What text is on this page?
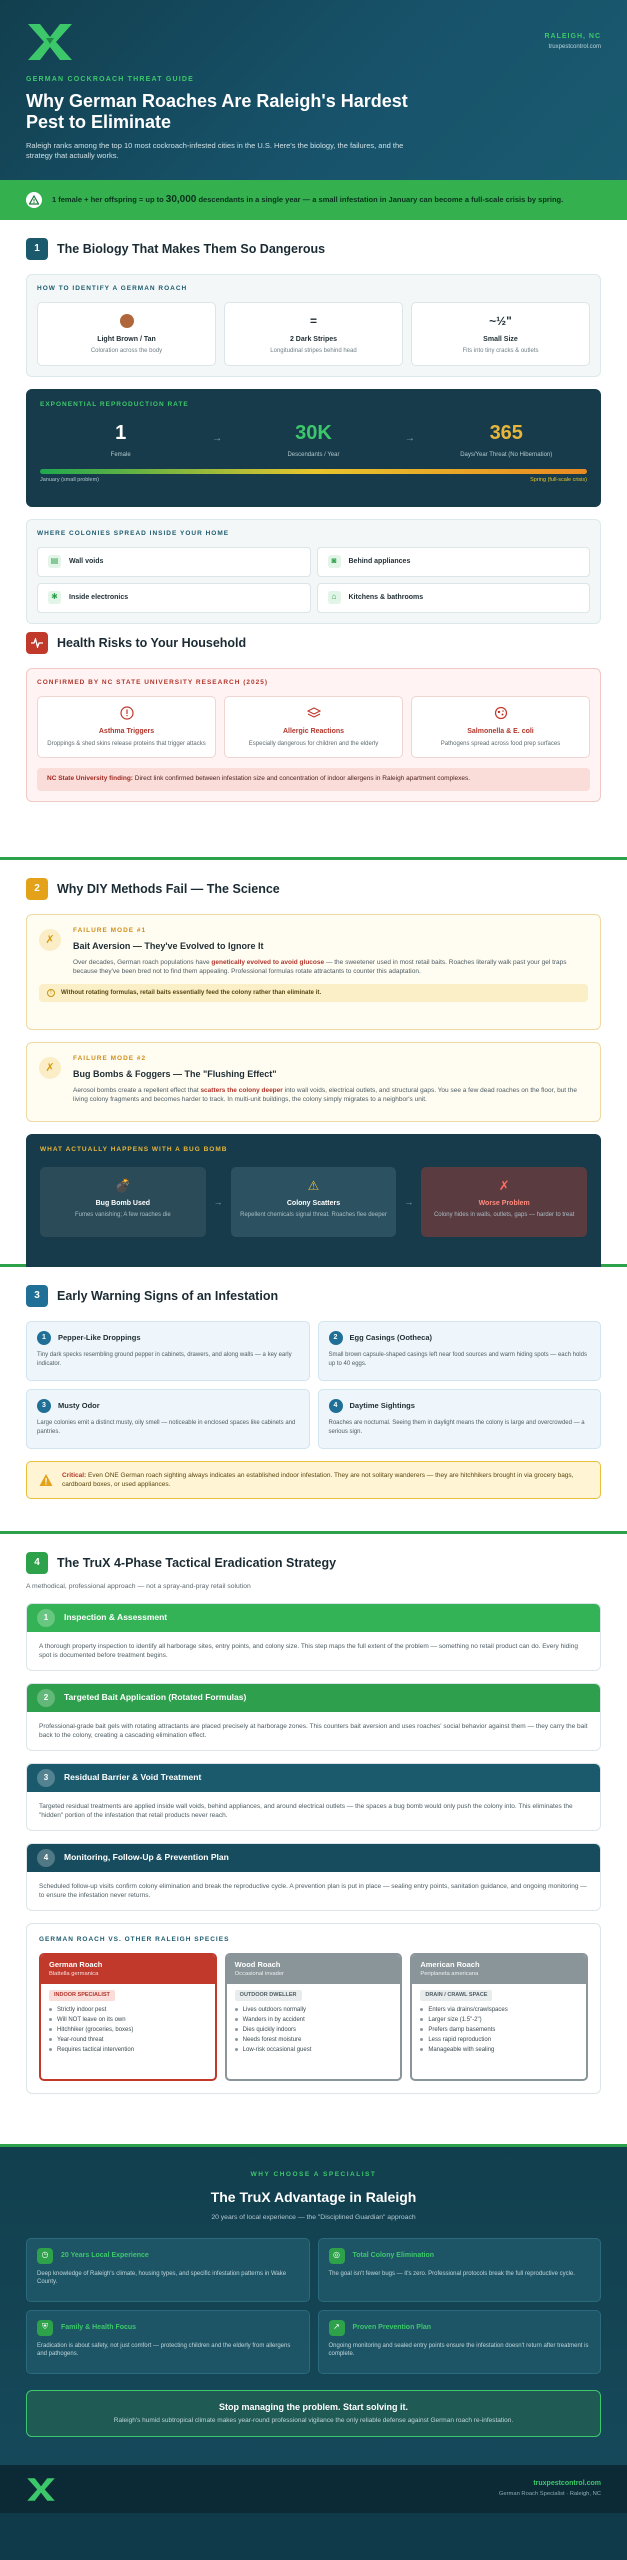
RALEIGH, NC
truxpestcontrol.com
GERMAN COCKROACH THREAT GUIDE
Why German Roaches Are Raleigh's Hardest Pest to Eliminate

Raleigh ranks among the top 10 most cockroach-infested cities in the U.S. Here's the biology, the failures, and the strategy that actually works.

1 female + her offspring = up to 30,000 descendants in a single year — a small infestation in January can become a full-scale crisis by spring.
1	The Biology That Makes Them So Dangerous
HOW TO IDENTIFY A GERMAN ROACH
Light Brown / Tan
Coloration across the body
=
2 Dark Stripes
Longitudinal stripes behind head
~½"
Small Size
Fits into tiny cracks & outlets
EXPONENTIAL REPRODUCTION RATE
1
Female
→	30K
Descendants / Year
→	365
Days/Year Threat (No Hibernation)
January (small problem)	Spring (full-scale crisis)
WHERE COLONIES SPREAD INSIDE YOUR HOME
▤	Wall voids	◙	Behind appliances
✱	Inside electronics	⌂	Kitchens & bathrooms
Health Risks to Your Household
CONFIRMED BY NC STATE UNIVERSITY RESEARCH (2025)
Asthma Triggers
Droppings & shed skins release proteins that trigger attacks
Allergic Reactions
Especially dangerous for children and the elderly
Salmonella & E. coli
Pathogens spread across food prep surfaces
NC State University finding: Direct link confirmed between infestation size and concentration of indoor allergens in Raleigh apartment complexes.
2	Why DIY Methods Fail — The Science
✗
FAILURE MODE #1
Bait Aversion — They've Evolved to Ignore It
Over decades, German roach populations have genetically evolved to avoid glucose — the sweetener used in most retail baits. Roaches literally walk past your gel traps because they've been bred not to find them appealing. Professional formulas rotate attractants to counter this adaptation.
!	Without rotating formulas, retail baits essentially feed the colony rather than eliminate it.
✗
FAILURE MODE #2
Bug Bombs & Foggers — The "Flushing Effect"
Aerosol bombs create a repellent effect that scatters the colony deeper into wall voids, electrical outlets, and structural gaps. You see a few dead roaches on the floor, but the living colony fragments and becomes harder to track. In multi-unit buildings, the colony simply migrates to a neighbor's unit.
WHAT ACTUALLY HAPPENS WITH A BUG BOMB
💣
Bug Bomb Used
Fumes vanishing; A few roaches die
→
⚠
Colony Scatters
Repellent chemicals signal threat. Roaches flee deeper
→
✗
Worse Problem
Colony hides in walls, outlets, gaps — harder to treat
3	Early Warning Signs of an Infestation
1	Pepper-Like Droppings
Tiny dark specks resembling ground pepper in cabinets, drawers, and along walls — a key early indicator.
2	Egg Casings (Ootheca)
Small brown capsule-shaped casings left near food sources and warm hiding spots — each holds up to 40 eggs.
3	Musty Odor
Large colonies emit a distinct musty, oily smell — noticeable in enclosed spaces like cabinets and pantries.
4	Daytime Sightings
Roaches are nocturnal. Seeing them in daylight means the colony is large and overcrowded — a serious sign.
Critical: Even ONE German roach sighting always indicates an established indoor infestation. They are not solitary wanderers — they are hitchhikers brought in via grocery bags, cardboard boxes, or used appliances.
4	The TruX 4-Phase Tactical Eradication Strategy
A methodical, professional approach — not a spray-and-pray retail solution
1	Inspection & Assessment
A thorough property inspection to identify all harborage sites, entry points, and colony size. This step maps the full extent of the problem — something no retail product can do. Every hiding spot is documented before treatment begins.
2	Targeted Bait Application (Rotated Formulas)
Professional-grade bait gels with rotating attractants are placed precisely at harborage zones. This counters bait aversion and uses roaches' social behavior against them — they carry the bait back to the colony, creating a cascading elimination effect.
3	Residual Barrier & Void Treatment
Targeted residual treatments are applied inside wall voids, behind appliances, and around electrical outlets — the spaces a bug bomb would only push the colony into. This eliminates the "hidden" portion of the infestation that retail products never reach.
4	Monitoring, Follow-Up & Prevention Plan
Scheduled follow-up visits confirm colony elimination and break the reproductive cycle. A prevention plan is put in place — sealing entry points, sanitation guidance, and ongoing monitoring — to ensure the infestation never returns.
GERMAN ROACH VS. OTHER RALEIGH SPECIES
German Roach
Blattella germanica
INDOOR SPECIALIST
Strictly indoor pest
Will NOT leave on its own
Hitchhiker (groceries, boxes)
Year-round threat
Requires tactical intervention
Wood Roach
Occasional invader
OUTDOOR DWELLER
Lives outdoors normally
Wanders in by accident
Dies quickly indoors
Needs forest moisture
Low-risk occasional guest
American Roach
Periplaneta americana
DRAIN / CRAWL SPACE
Enters via drains/crawlspaces
Larger size (1.5"-2")
Prefers damp basements
Less rapid reproduction
Manageable with sealing
WHY CHOOSE A SPECIALIST
The TruX Advantage in Raleigh
20 years of local experience — the "Disciplined Guardian" approach
◷	20 Years Local Experience
Deep knowledge of Raleigh's climate, housing types, and specific infestation patterns in Wake County.
◎	Total Colony Elimination
The goal isn't fewer bugs — it's zero. Professional protocols break the full reproductive cycle.
⛨	Family & Health Focus
Eradication is about safety, not just comfort — protecting children and the elderly from allergens and pathogens.
↗	Proven Prevention Plan
Ongoing monitoring and sealed entry points ensure the infestation doesn't return after treatment is complete.
Stop managing the problem. Start solving it.
Raleigh's humid subtropical climate makes year-round professional vigilance the only reliable defense against German roach re-infestation.
truxpestcontrol.com
German Roach Specialist · Raleigh, NC
